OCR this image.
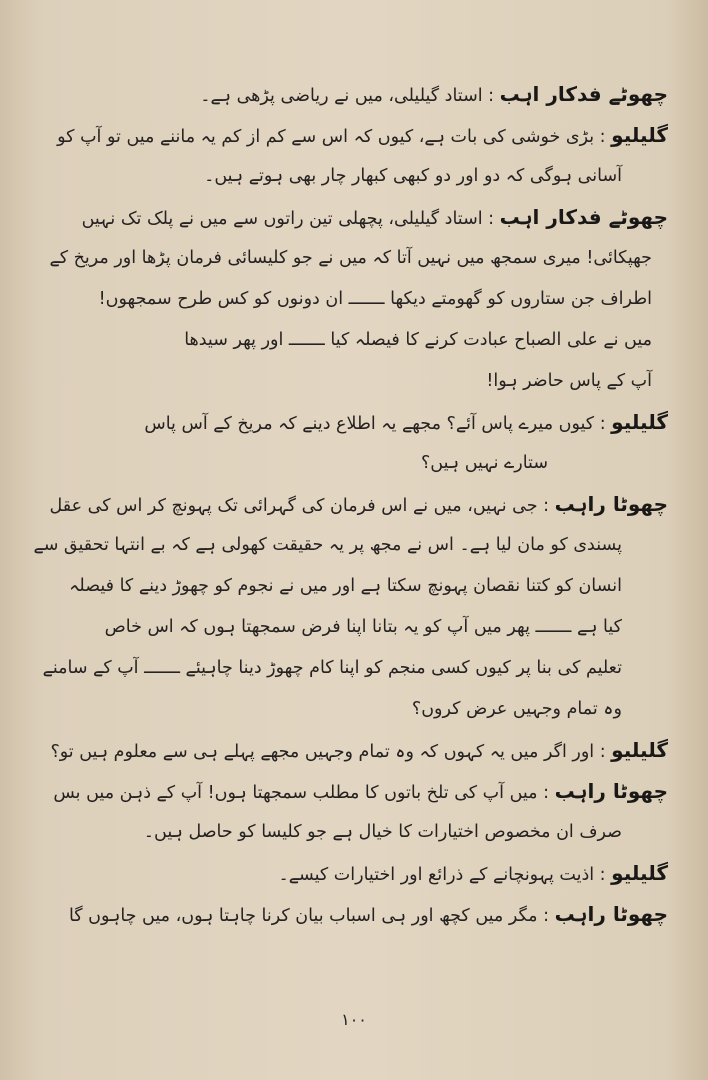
چھوٹے فدکار اہب : استاد گیلیلی، میں نے ریاضی پڑھی ہے۔
گلیلیو : بڑی خوشی کی بات ہے، کیوں کہ اس سے کم از کم یہ ماننے میں تو آپ کو
آسانی ہوگی کہ دو اور دو کبھی کبھار چار بھی ہوتے ہیں۔
چھوٹے فدکار اہب : استاد گیلیلی، پچھلی تین راتوں سے میں نے پلک تک نہیں
جھپکائی! میری سمجھ میں نہیں آتا کہ میں نے جو کلیسائی فرمان پڑھا اور مریخ کے
اطراف جن ستاروں کو گھومتے دیکھا ـــــــ ان دونوں کو کس طرح سمجھوں!
میں نے علی الصباح عبادت کرنے کا فیصلہ کیا ـــــــ اور پھر سیدھا
آپ کے پاس حاضر ہوا!
گلیلیو : کیوں میرے پاس آئے؟ مجھے یہ اطلاع دینے کہ مریخ کے آس پاس
ستارے نہیں ہیں؟
چھوٹا راہب : جی نہیں، میں نے اس فرمان کی گہرائی تک پہونچ کر اس کی عقل
پسندی کو مان لیا ہے۔ اس نے مجھ پر یہ حقیقت کھولی ہے کہ بے انتہا تحقیق سے
انسان کو کتنا نقصان پہونچ سکتا ہے اور میں نے نجوم کو چھوڑ دینے کا فیصلہ
کیا ہے ـــــــ پھر میں آپ کو یہ بتانا اپنا فرض سمجھتا ہوں کہ اس خاص
تعلیم کی بنا پر کیوں کسی منجم کو اپنا کام چھوڑ دینا چاہیئے ـــــــ آپ کے سامنے
وہ تمام وجہیں عرض کروں؟
گلیلیو : اور اگر میں یہ کہوں کہ وہ تمام وجہیں مجھے پہلے ہی سے معلوم ہیں تو؟
چھوٹا راہب : میں آپ کی تلخ باتوں کا مطلب سمجھتا ہوں! آپ کے ذہن میں بس
صرف ان مخصوص اختیارات کا خیال ہے جو کلیسا کو حاصل ہیں۔
گلیلیو : اذیت پہونچانے کے ذرائع اور اختیارات کیسے۔
چھوٹا راہب : مگر میں کچھ اور ہی اسباب بیان کرنا چاہتا ہوں، میں چاہوں گا
۱۰۰
